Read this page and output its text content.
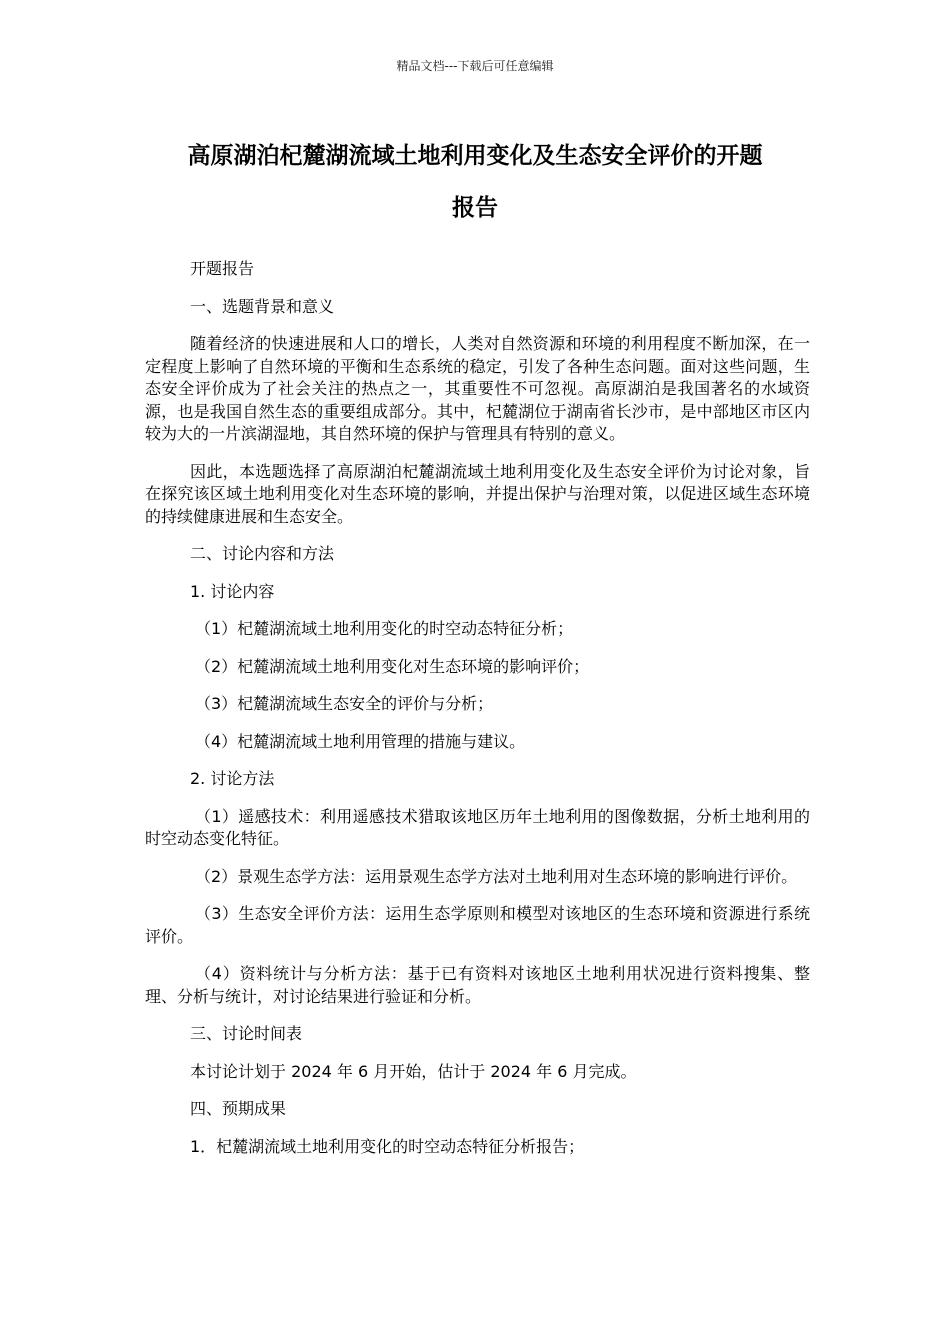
精品文档---下载后可任意编辑
高原湖泊杞麓湖流域土地利用变化及生态安全评价的开题
报告

开题报告

一、选题背景和意义

随着经济的快速进展和人口的增长，人类对自然资源和环境的利用程度不断加深，在一定程度上影响了自然环境的平衡和生态系统的稳定，引发了各种生态问题。面对这些问题，生态安全评价成为了社会关注的热点之一，其重要性不可忽视。高原湖泊是我国著名的水域资源，也是我国自然生态的重要组成部分。其中，杞麓湖位于湖南省长沙市，是中部地区市区内较为大的一片滨湖湿地，其自然环境的保护与管理具有特别的意义。

因此，本选题选择了高原湖泊杞麓湖流域土地利用变化及生态安全评价为讨论对象，旨在探究该区域土地利用变化对生态环境的影响，并提出保护与治理对策，以促进区域生态环境的持续健康进展和生态安全。

二、讨论内容和方法

1. 讨论内容

（1）杞麓湖流域土地利用变化的时空动态特征分析；

（2）杞麓湖流域土地利用变化对生态环境的影响评价；

（3）杞麓湖流域生态安全的评价与分析；

（4）杞麓湖流域土地利用管理的措施与建议。

2. 讨论方法

（1）遥感技术：利用遥感技术猎取该地区历年土地利用的图像数据，分析土地利用的时空动态变化特征。

（2）景观生态学方法：运用景观生态学方法对土地利用对生态环境的影响进行评价。

（3）生态安全评价方法：运用生态学原则和模型对该地区的生态环境和资源进行系统评价。

（4）资料统计与分析方法：基于已有资料对该地区土地利用状况进行资料搜集、整理、分析与统计，对讨论结果进行验证和分析。

三、讨论时间表

本讨论计划于 2024 年 6 月开始，估计于 2024 年 6 月完成。

四、预期成果

1．杞麓湖流域土地利用变化的时空动态特征分析报告；
